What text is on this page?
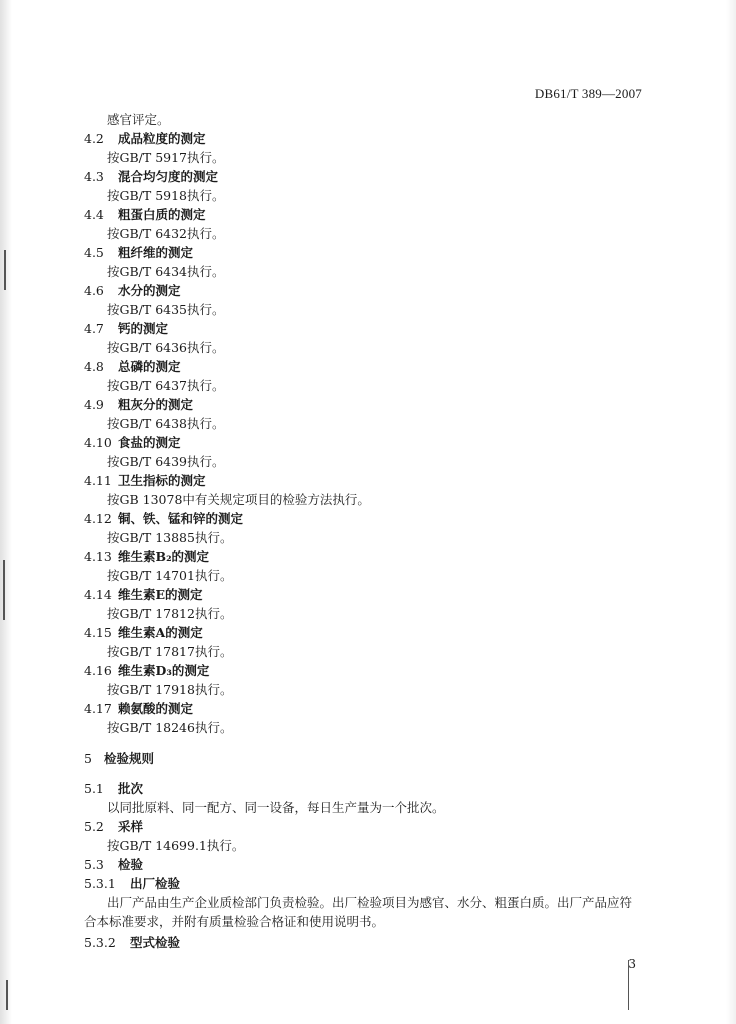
DB61/T 389—2007
感官评定。
4.2 成品粒度的测定
按GB/T 5917执行。
4.3 混合均匀度的测定
按GB/T 5918执行。
4.4 粗蛋白质的测定
按GB/T 6432执行。
4.5 粗纤维的测定
按GB/T 6434执行。
4.6 水分的测定
按GB/T 6435执行。
4.7 钙的测定
按GB/T 6436执行。
4.8 总磷的测定
按GB/T 6437执行。
4.9 粗灰分的测定
按GB/T 6438执行。
4.10 食盐的测定
按GB/T 6439执行。
4.11 卫生指标的测定
按GB 13078中有关规定项目的检验方法执行。
4.12 铜、铁、锰和锌的测定
按GB/T 13885执行。
4.13 维生素B₂的测定
按GB/T 14701执行。
4.14 维生素E的测定
按GB/T 17812执行。
4.15 维生素A的测定
按GB/T 17817执行。
4.16 维生素D₃的测定
按GB/T 17918执行。
4.17 赖氨酸的测定
按GB/T 18246执行。
5 检验规则
5.1 批次
以同批原料、同一配方、同一设备，每日生产量为一个批次。
5.2 采样
按GB/T 14699.1执行。
5.3 检验
5.3.1 出厂检验
出厂产品由生产企业质检部门负责检验。出厂检验项目为感官、水分、粗蛋白质。出厂产品应符
合本标准要求，并附有质量检验合格证和使用说明书。
5.3.2 型式检验
3
